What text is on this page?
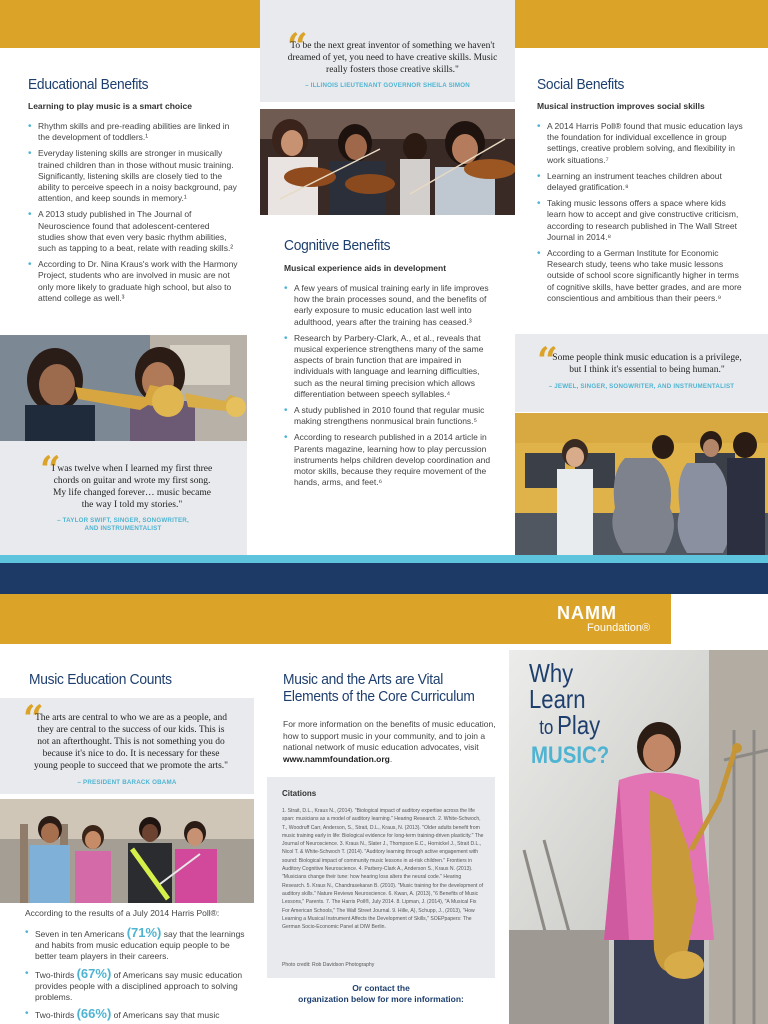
“
To be the next great inventor of something we haven't dreamed of yet, you need to have creative skills. Music really fosters those creative skills."
– ILLINOIS LIEUTENANT GOVERNOR SHEILA SIMON
Educational Benefits
Learning to play music is a smart choice
• Rhythm skills and pre-reading abilities are linked in the development of toddlers.¹
• Everyday listening skills are stronger in musically trained children than in those without music training. Significantly, listening skills are closely tied to the ability to perceive speech in a noisy background, pay attention, and keep sounds in memory.¹
• A 2013 study published in The Journal of Neuroscience found that adolescent-centered studies show that even very basic rhythm abilities, such as tapping to a beat, relate with reading skills.²
• According to Dr. Nina Kraus's work with the Harmony Project, students who are involved in music are not only more likely to graduate high school, but also to attend college as well.³
“
I was twelve when I learned my first three chords on guitar and wrote my first song. My life changed forever… music became the way I told my stories."
– TAYLOR SWIFT, SINGER, SONGWRITER,
AND INSTRUMENTALIST
Cognitive Benefits
Musical experience aids in development
• A few years of musical training early in life improves how the brain processes sound, and the benefits of early exposure to music education last well into adulthood, years after the training has ceased.³
• Research by Parbery-Clark, A., et al., reveals that musical experience strengthens many of the same aspects of brain function that are impaired in individuals with language and learning difficulties, such as the neural timing precision which allows differentiation between speech syllables.⁴
• A study published in 2010 found that regular music making strengthens nonmusical brain functions.⁵
• According to research published in a 2014 article in Parents magazine, learning how to play percussion instruments helps children develop coordination and motor skills, because they require movement of the hands, arms, and feet.⁶
Social Benefits
Musical instruction improves social skills
• A 2014 Harris Poll® found that music education lays the foundation for individual excellence in group settings, creative problem solving, and flexibility in work situations.⁷
• Learning an instrument teaches children about delayed gratification.⁸
• Taking music lessons offers a space where kids learn how to accept and give constructive criticism, according to research published in The Wall Street Journal in 2014.⁸
• According to a German Institute for Economic Research study, teens who take music lessons outside of school score significantly higher in terms of cognitive skills, have better grades, and are more conscientious and ambitious than their peers.⁹
“
Some people think music education is a privilege, but I think it's essential to being human."
– JEWEL, SINGER, SONGWRITER, AND INSTRUMENTALIST
NAMM
Foundation®
Music Education Counts
“
The arts are central to who we are as a people, and they are central to the success of our kids. This is not an afterthought. This is not something you do because it's nice to do. It is necessary for these young people to succeed that we promote the arts."
– PRESIDENT BARACK OBAMA
According to the results of a July 2014 Harris Poll®:
• Seven in ten Americans (71%) say that the learnings and habits from music education equip people to be better team players in their careers.
• Two-thirds (67%) of Americans say music education provides people with a disciplined approach to solving problems.
• Two-thirds (66%) of Americans say that music
Music and the Arts are Vital
Elements of the Core Curriculum
For more information on the benefits of music education, how to support music in your community, and to join a national network of music education advocates, visit www.nammfoundation.org.
Citations
1. Strait, D.L., Kraus N., (2014). "Biological impact of auditory expertise across the life span: musicians as a model of auditory learning." Hearing Research. 2. White-Schwoch, T., Woodruff Carr, Anderson, S., Strait, D.L., Kraus, N. (2013). "Older adults benefit from music training early in life: Biological evidence for long-term training-driven plasticity." The Journal of Neuroscience. 3. Kraus N., Slater J., Thompson E.C., Hornickel J., Strait D.L., Nicol T. & White-Schwoch T. (2014). "Auditory learning through active engagement with sound: Biological impact of community music lessons in at-risk children." Frontiers in Auditory Cognitive Neuroscience. 4. Parbery-Clark A., Anderson S., Kraus N. (2013). "Musicians change their tune: how hearing loss alters the neural code." Hearing Research. 5. Kraus N., Chandrasekaran B. (2010). "Music training for the development of auditory skills." Nature Reviews Neuroscience. 6. Kwan, A. (2013), "6 Benefits of Music Lessons," Parents. 7. The Harris Poll®, July 2014. 8. Lipman, J. (2014), "A Musical Fix For American Schools," The Wall Street Journal. 9. Hille, A), Schupp, J., (2013), "How Learning a Musical Instrument Affects the Development of Skills," SOEPpapers: The German Socio-Economic Panel at DIW Berlin.
Photo credit: Rob Davidson Photography
Or contact the
organization below for more information:
Why
Learn
to Play
MUSIC?
